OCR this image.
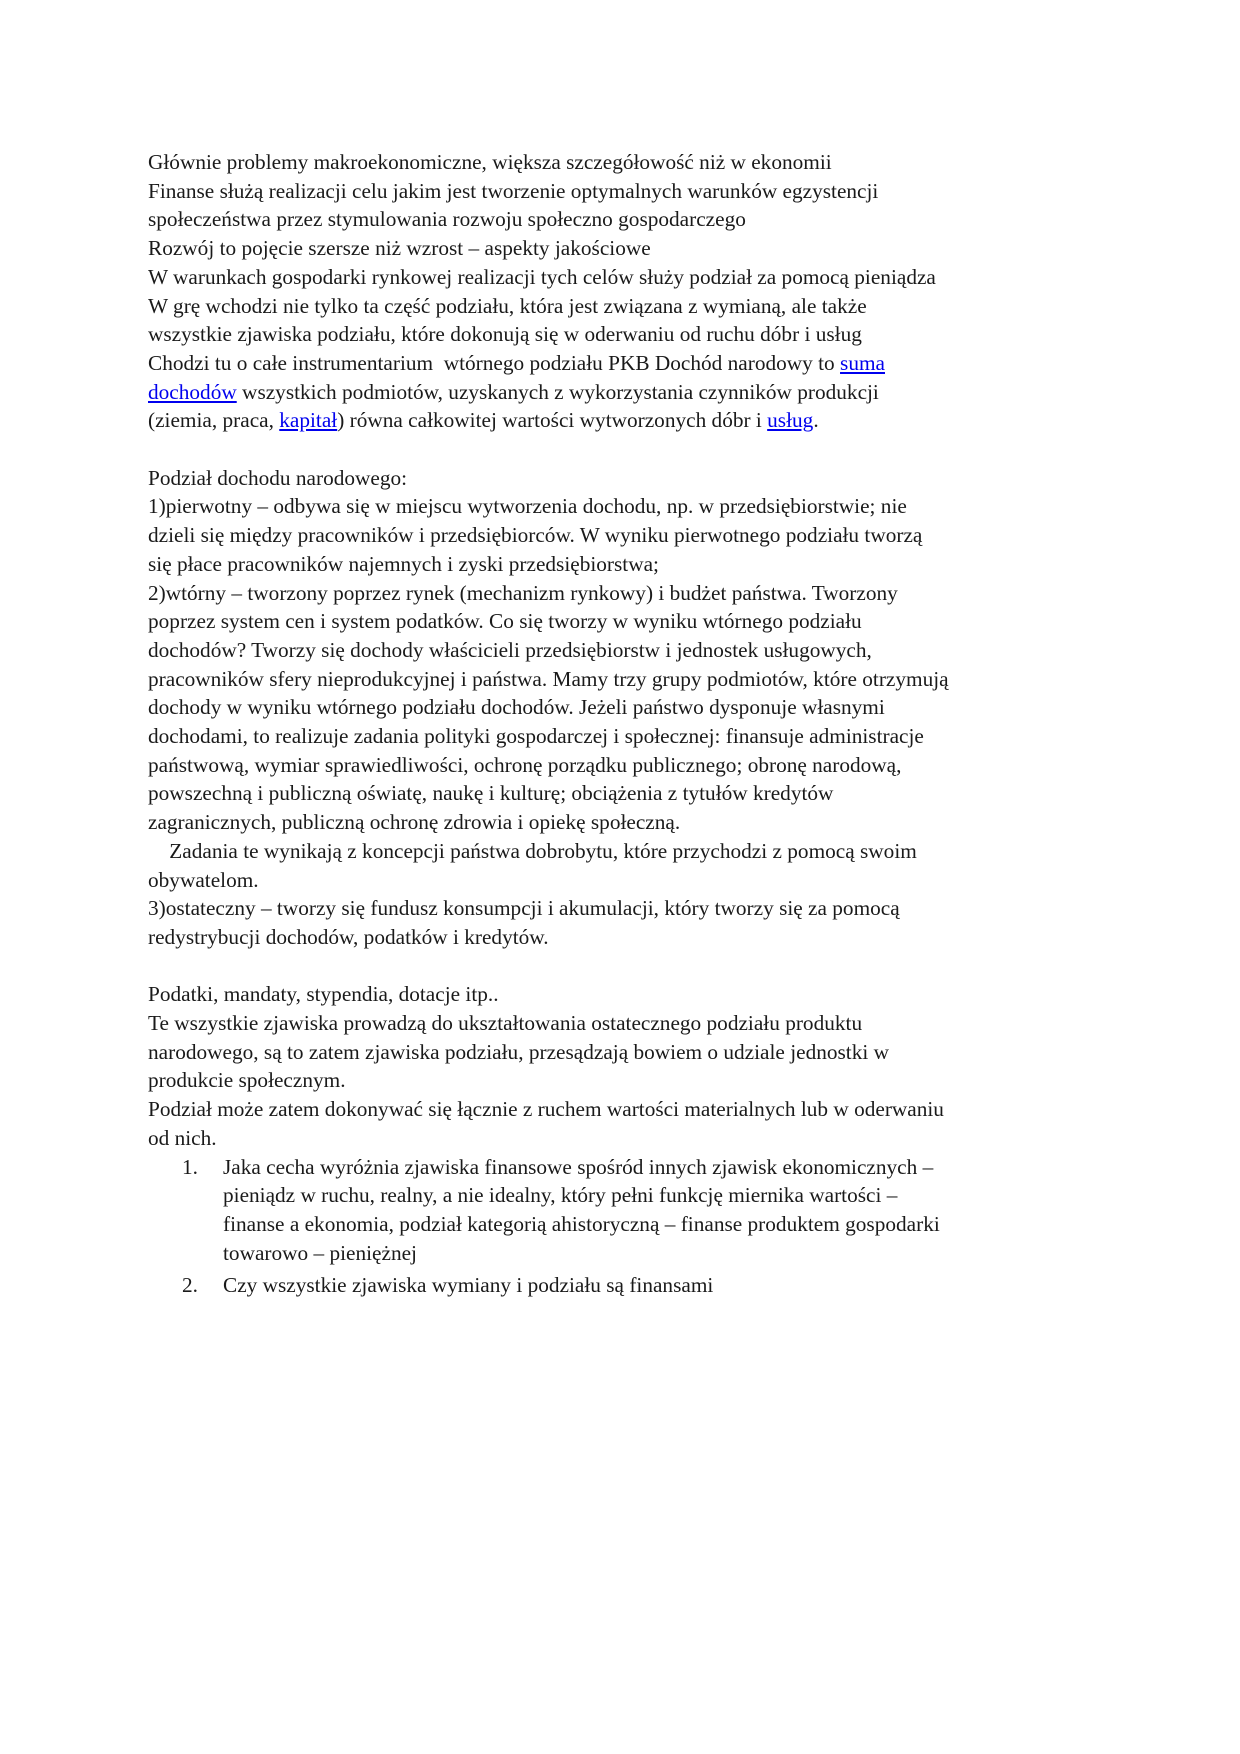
Głównie problemy makroekonomiczne, większa szczegółowość niż w ekonomii
Finanse służą realizacji celu jakim jest tworzenie optymalnych warunków egzystencji
społeczeństwa przez stymulowania rozwoju społeczno gospodarczego
Rozwój to pojęcie szersze niż wzrost – aspekty jakościowe
W warunkach gospodarki rynkowej realizacji tych celów służy podział za pomocą pieniądza
W grę wchodzi nie tylko ta część podziału, która jest związana z wymianą, ale także
wszystkie zjawiska podziału, które dokonują się w oderwaniu od ruchu dóbr i usług
Chodzi tu o całe instrumentarium  wtórnego podziału PKB Dochód narodowy to suma
dochodów wszystkich podmiotów, uzyskanych z wykorzystania czynników produkcji
(ziemia, praca, kapitał) równa całkowitej wartości wytworzonych dóbr i usług.
Podział dochodu narodowego:
1)pierwotny – odbywa się w miejscu wytworzenia dochodu, np. w przedsiębiorstwie; nie
dzieli się między pracowników i przedsiębiorców. W wyniku pierwotnego podziału tworzą
się płace pracowników najemnych i zyski przedsiębiorstwa;
2)wtórny – tworzony poprzez rynek (mechanizm rynkowy) i budżet państwa. Tworzony
poprzez system cen i system podatków. Co się tworzy w wyniku wtórnego podziału
dochodów? Tworzy się dochody właścicieli przedsiębiorstw i jednostek usługowych,
pracowników sfery nieprodukcyjnej i państwa. Mamy trzy grupy podmiotów, które otrzymują
dochody w wyniku wtórnego podziału dochodów. Jeżeli państwo dysponuje własnymi
dochodami, to realizuje zadania polityki gospodarczej i społecznej: finansuje administracje
państwową, wymiar sprawiedliwości, ochronę porządku publicznego; obronę narodową,
powszechną i publiczną oświatę, naukę i kulturę; obciążenia z tytułów kredytów
zagranicznych, publiczną ochronę zdrowia i opiekę społeczną.
Zadania te wynikają z koncepcji państwa dobrobytu, które przychodzi z pomocą swoim
obywatelom.
3)ostateczny – tworzy się fundusz konsumpcji i akumulacji, który tworzy się za pomocą
redystrybucji dochodów, podatków i kredytów.
Podatki, mandaty, stypendia, dotacje itp..
Te wszystkie zjawiska prowadzą do ukształtowania ostatecznego podziału produktu
narodowego, są to zatem zjawiska podziału, przesądzają bowiem o udziale jednostki w
produkcie społecznym.
Podział może zatem dokonywać się łącznie z ruchem wartości materialnych lub w oderwaniu
od nich.
1. Jaka cecha wyróżnia zjawiska finansowe spośród innych zjawisk ekonomicznych –
pieniądz w ruchu, realny, a nie idealny, który pełni funkcję miernika wartości –
finanse a ekonomia, podział kategorią ahistoryczną – finanse produktem gospodarki
towarowo – pieniężnej
2. Czy wszystkie zjawiska wymiany i podziału są finansami
